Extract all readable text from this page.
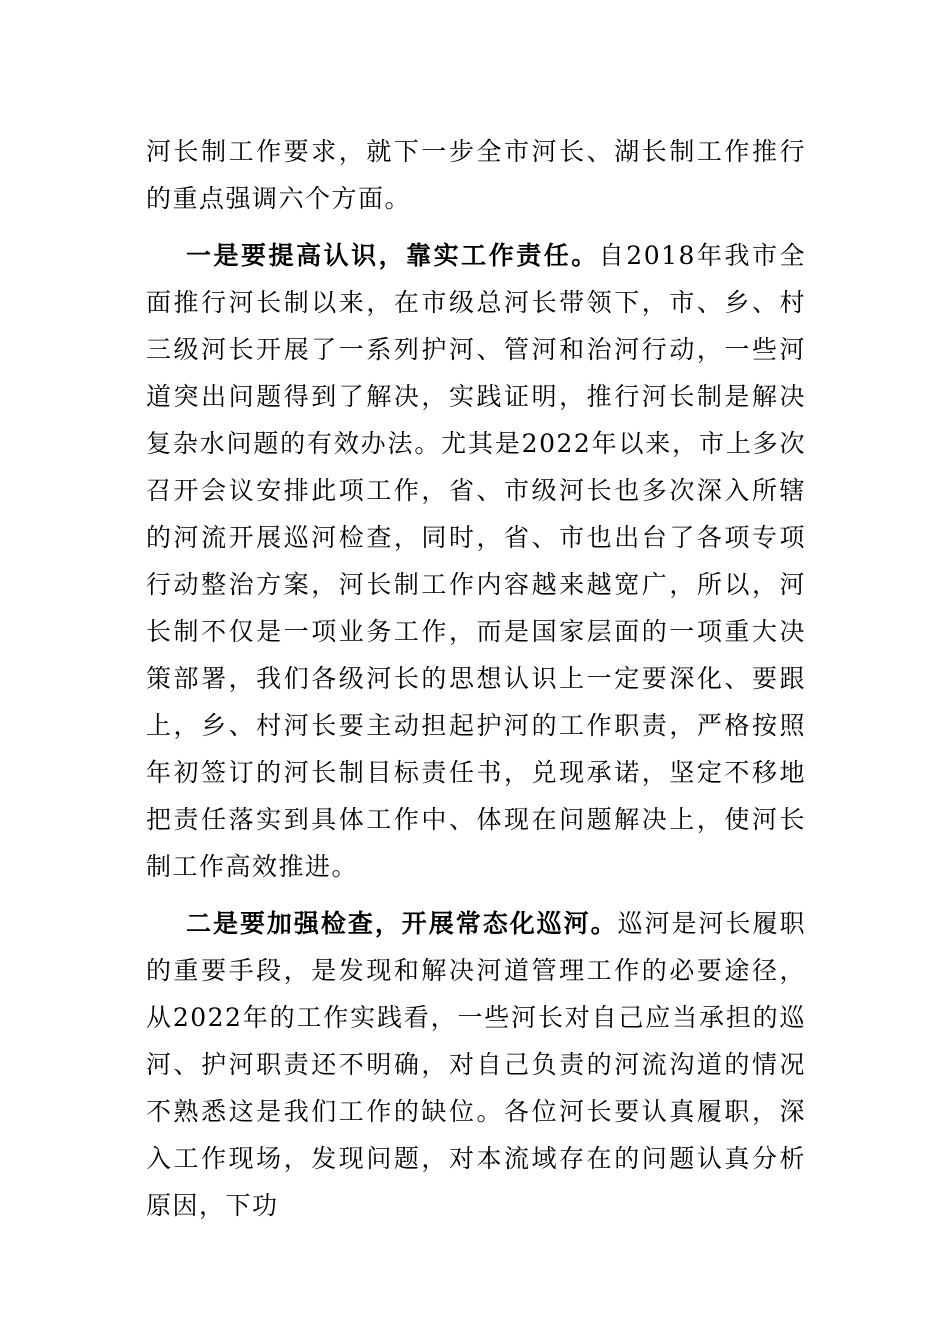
河长制工作要求，就下一步全市河长、湖长制工作推行的重点强调六个方面。

一是要提高认识，靠实工作责任。自2018年我市全面推行河长制以来，在市级总河长带领下，市、乡、村三级河长开展了一系列护河、管河和治河行动，一些河道突出问题得到了解决，实践证明，推行河长制是解决复杂水问题的有效办法。尤其是2022年以来，市上多次召开会议安排此项工作，省、市级河长也多次深入所辖的河流开展巡河检查，同时，省、市也出台了各项专项行动整治方案，河长制工作内容越来越宽广，所以，河长制不仅是一项业务工作，而是国家层面的一项重大决策部署，我们各级河长的思想认识上一定要深化、要跟上，乡、村河长要主动担起护河的工作职责，严格按照年初签订的河长制目标责任书，兑现承诺，坚定不移地把责任落实到具体工作中、体现在问题解决上，使河长制工作高效推进。

二是要加强检查，开展常态化巡河。巡河是河长履职的重要手段，是发现和解决河道管理工作的必要途径，从2022年的工作实践看，一些河长对自己应当承担的巡河、护河职责还不明确，对自己负责的河流沟道的情况不熟悉这是我们工作的缺位。各位河长要认真履职，深入工作现场，发现问题，对本流域存在的问题认真分析原因，下功
